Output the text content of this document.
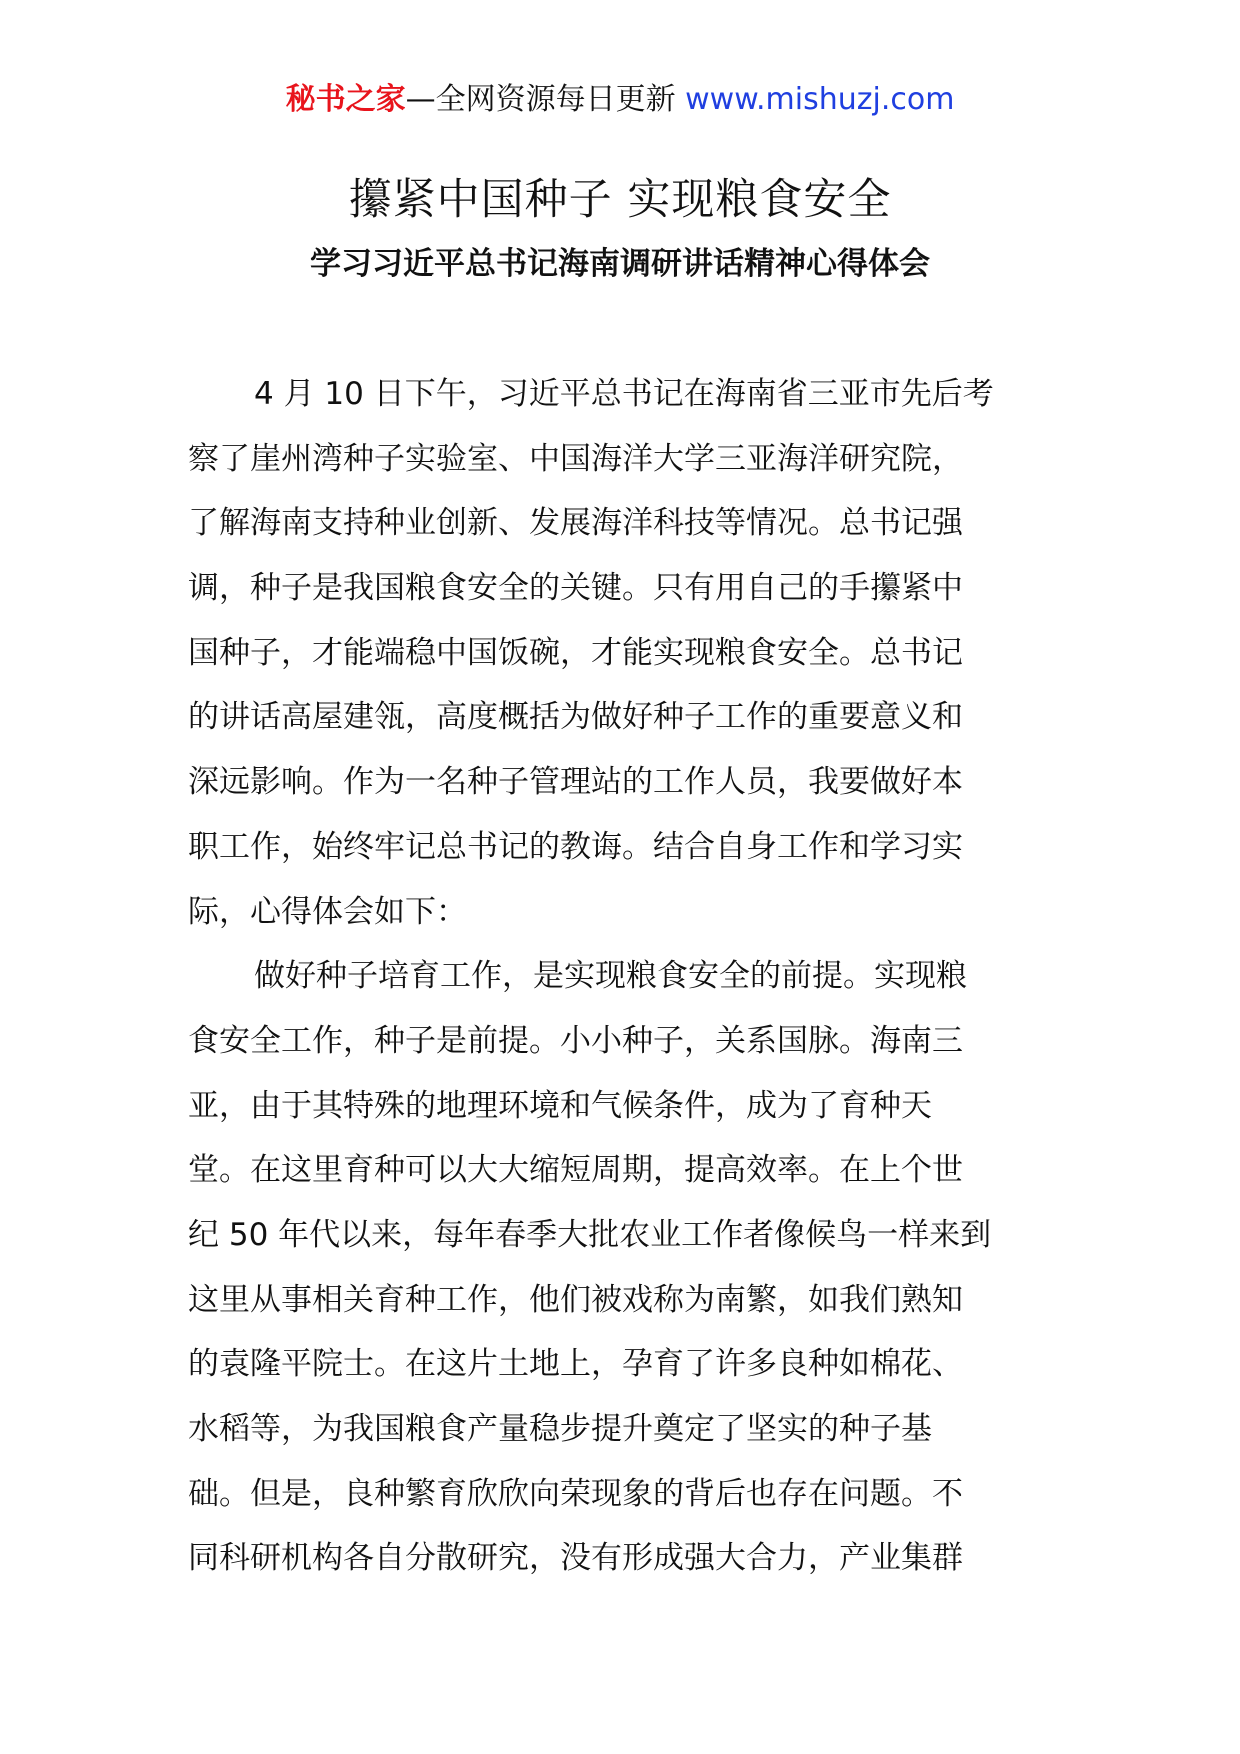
秘书之家—全网资源每日更新 www.mishuzj.com
攥紧中国种子 实现粮食安全
学习习近平总书记海南调研讲话精神心得体会
4 月 10 日下午，习近平总书记在海南省三亚市先后考
察了崖州湾种子实验室、中国海洋大学三亚海洋研究院，
了解海南支持种业创新、发展海洋科技等情况。总书记强
调，种子是我国粮食安全的关键。只有用自己的手攥紧中
国种子，才能端稳中国饭碗，才能实现粮食安全。总书记
的讲话高屋建瓴，高度概括为做好种子工作的重要意义和
深远影响。作为一名种子管理站的工作人员，我要做好本
职工作，始终牢记总书记的教诲。结合自身工作和学习实
际，心得体会如下：
做好种子培育工作，是实现粮食安全的前提。实现粮
食安全工作，种子是前提。小小种子，关系国脉。海南三
亚，由于其特殊的地理环境和气候条件，成为了育种天
堂。在这里育种可以大大缩短周期，提高效率。在上个世
纪 50 年代以来，每年春季大批农业工作者像候鸟一样来到
这里从事相关育种工作，他们被戏称为南繁，如我们熟知
的袁隆平院士。在这片土地上，孕育了许多良种如棉花、
水稻等，为我国粮食产量稳步提升奠定了坚实的种子基
础。但是，良种繁育欣欣向荣现象的背后也存在问题。不
同科研机构各自分散研究，没有形成强大合力，产业集群
